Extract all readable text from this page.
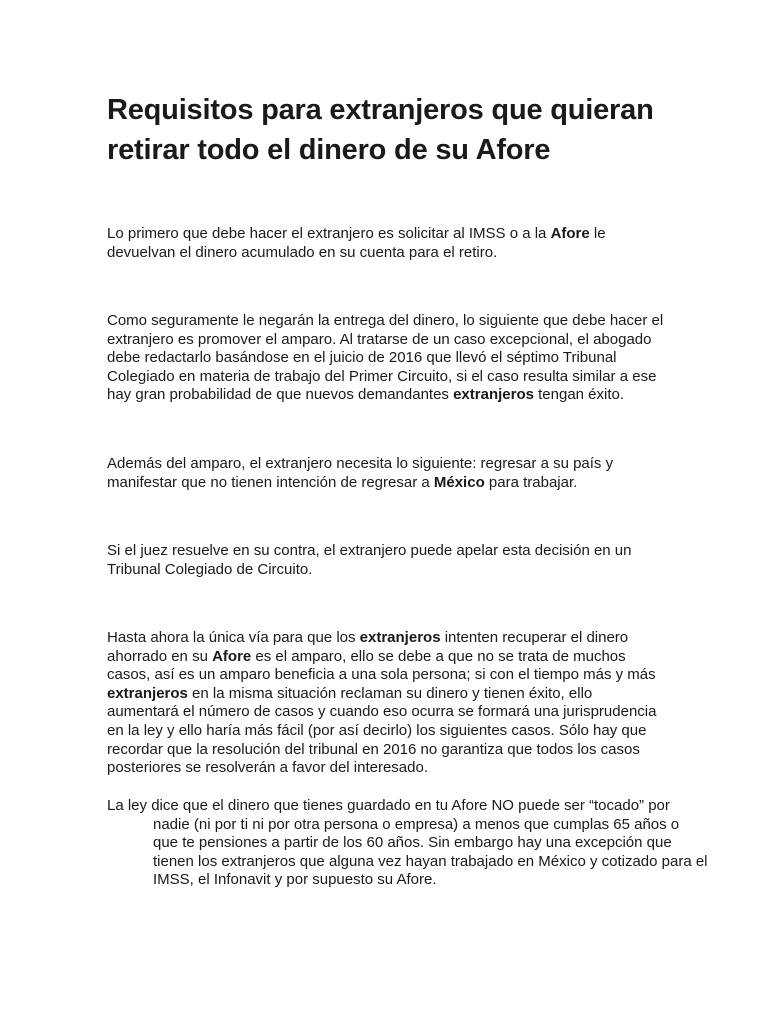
Requisitos para extranjeros que quieran retirar todo el dinero de su Afore

Lo primero que debe hacer el extranjero es solicitar al IMSS o a la Afore le devuelvan el dinero acumulado en su cuenta para el retiro.

Como seguramente le negarán la entrega del dinero, lo siguiente que debe hacer el extranjero es promover el amparo. Al tratarse de un caso excepcional, el abogado debe redactarlo basándose en el juicio de 2016 que llevó el séptimo Tribunal Colegiado en materia de trabajo del Primer Circuito, si el caso resulta similar a ese hay gran probabilidad de que nuevos demandantes extranjeros tengan éxito.

Además del amparo, el extranjero necesita lo siguiente: regresar a su país y manifestar que no tienen intención de regresar a México para trabajar.

Si el juez resuelve en su contra, el extranjero puede apelar esta decisión en un Tribunal Colegiado de Circuito.

Hasta ahora la única vía para que los extranjeros intenten recuperar el dinero ahorrado en su Afore es el amparo, ello se debe a que no se trata de muchos casos, así es un amparo beneficia a una sola persona; si con el tiempo más y más extranjeros en la misma situación reclaman su dinero y tienen éxito, ello aumentará el número de casos y cuando eso ocurra se formará una jurisprudencia en la ley y ello haría más fácil (por así decirlo) los siguientes casos. Sólo hay que recordar que la resolución del tribunal en 2016 no garantiza que todos los casos posteriores se resolverán a favor del interesado.

La ley dice que el dinero que tienes guardado en tu Afore NO puede ser “tocado” por nadie (ni por ti ni por otra persona o empresa) a menos que cumplas 65 años o que te pensiones a partir de los 60 años. Sin embargo hay una excepción que tienen los extranjeros que alguna vez hayan trabajado en México y cotizado para el IMSS, el Infonavit y por supuesto su Afore.
